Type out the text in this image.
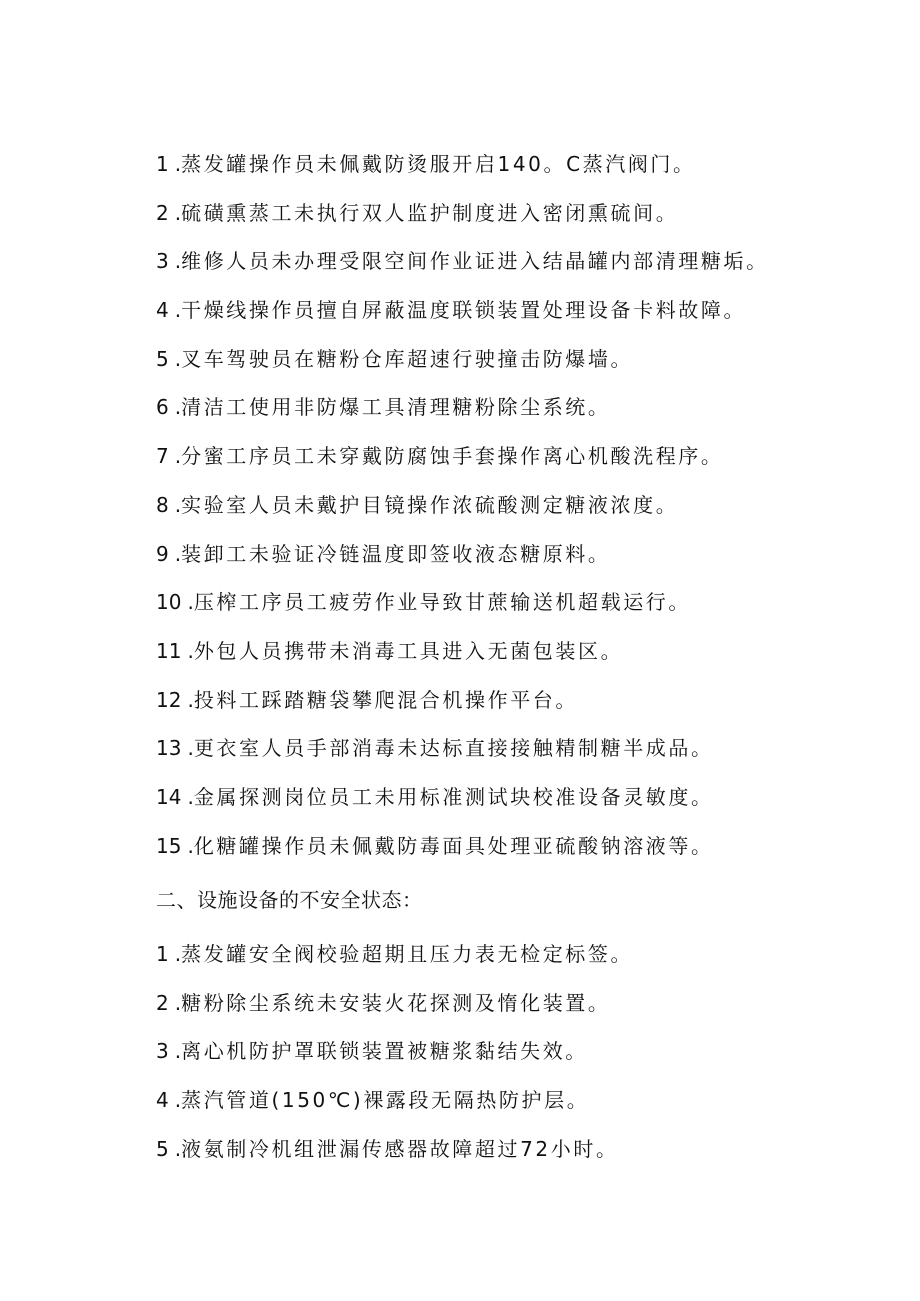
1 .蒸发罐操作员未佩戴防烫服开启140。C蒸汽阀门。
2 .硫磺熏蒸工未执行双人监护制度进入密闭熏硫间。
3 .维修人员未办理受限空间作业证进入结晶罐内部清理糖垢。
4 .干燥线操作员擅自屏蔽温度联锁装置处理设备卡料故障。
5 .叉车驾驶员在糖粉仓库超速行驶撞击防爆墙。
6 .清洁工使用非防爆工具清理糖粉除尘系统。
7 .分蜜工序员工未穿戴防腐蚀手套操作离心机酸洗程序。
8 .实验室人员未戴护目镜操作浓硫酸测定糖液浓度。
9 .装卸工未验证冷链温度即签收液态糖原料。
10 .压榨工序员工疲劳作业导致甘蔗输送机超载运行。
11 .外包人员携带未消毒工具进入无菌包装区。
12 .投料工踩踏糖袋攀爬混合机操作平台。
13 .更衣室人员手部消毒未达标直接接触精制糖半成品。
14 .金属探测岗位员工未用标准测试块校准设备灵敏度。
15 .化糖罐操作员未佩戴防毒面具处理亚硫酸钠溶液等。
二、设施设备的不安全状态：
1 .蒸发罐安全阀校验超期且压力表无检定标签。
2 .糖粉除尘系统未安装火花探测及惰化装置。
3 .离心机防护罩联锁装置被糖浆黏结失效。
4 .蒸汽管道(150℃)裸露段无隔热防护层。
5 .液氨制冷机组泄漏传感器故障超过72小时。
